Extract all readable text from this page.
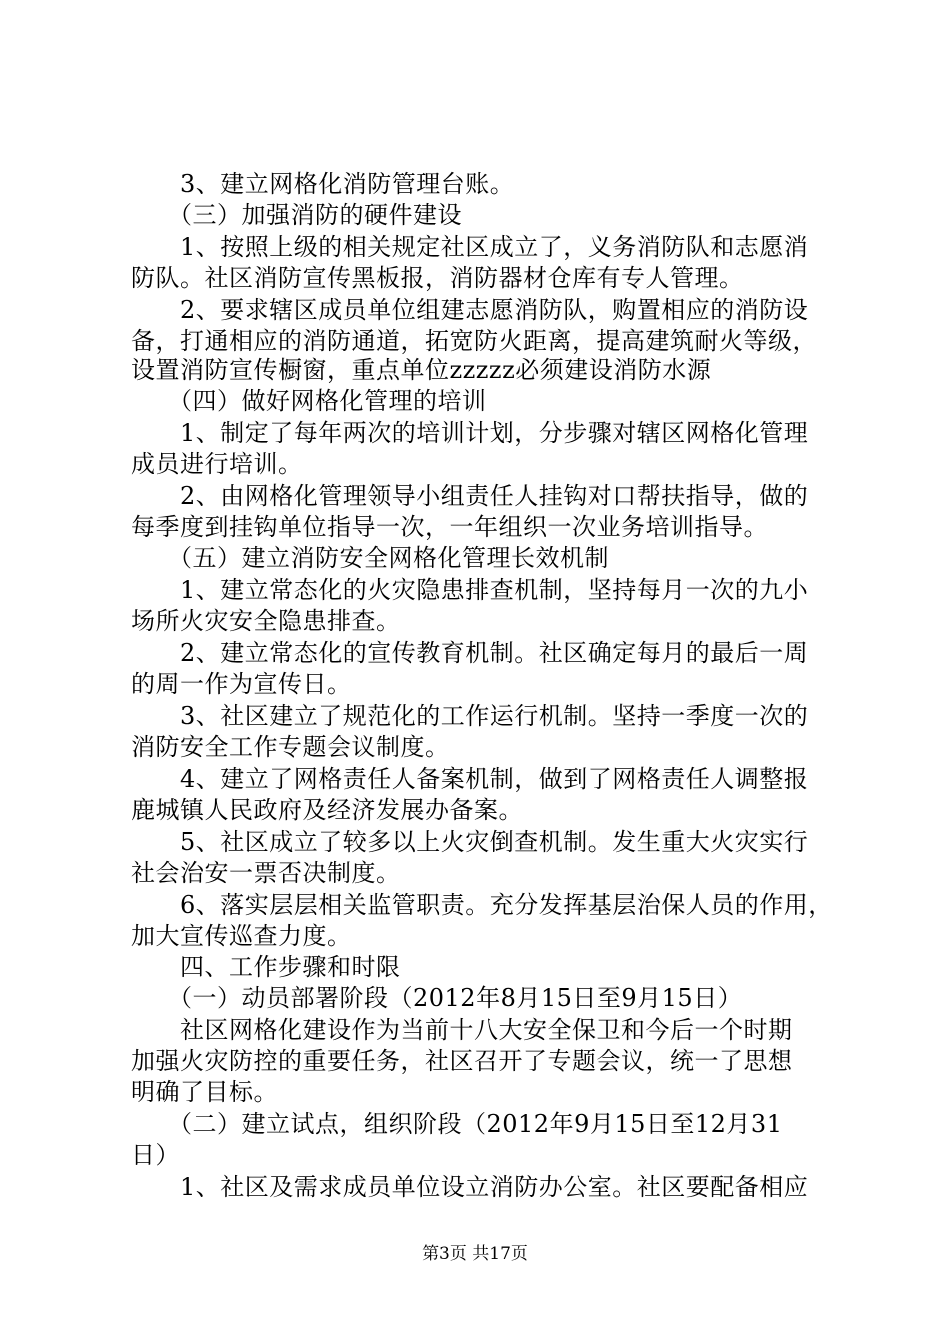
　　3、建立网格化消防管理台账。
　　（三）加强消防的硬件建设
　　1、按照上级的相关规定社区成立了，义务消防队和志愿消
防队。社区消防宣传黑板报，消防器材仓库有专人管理。
　　2、要求辖区成员单位组建志愿消防队，购置相应的消防设
备，打通相应的消防通道，拓宽防火距离，提高建筑耐火等级，
设置消防宣传橱窗，重点单位zzzzz必须建设消防水源
　　（四）做好网格化管理的培训
　　1、制定了每年两次的培训计划，分步骤对辖区网格化管理
成员进行培训。
　　2、由网格化管理领导小组责任人挂钩对口帮扶指导，做的
每季度到挂钩单位指导一次，一年组织一次业务培训指导。
　　（五）建立消防安全网格化管理长效机制
　　1、建立常态化的火灾隐患排查机制，坚持每月一次的九小
场所火灾安全隐患排查。
　　2、建立常态化的宣传教育机制。社区确定每月的最后一周
的周一作为宣传日。
　　3、社区建立了规范化的工作运行机制。坚持一季度一次的
消防安全工作专题会议制度。
　　4、建立了网格责任人备案机制，做到了网格责任人调整报
鹿城镇人民政府及经济发展办备案。
　　5、社区成立了较多以上火灾倒查机制。发生重大火灾实行
社会治安一票否决制度。
　　6、落实层层相关监管职责。充分发挥基层治保人员的作用，
加大宣传巡查力度。
　　四、工作步骤和时限
　　（一）动员部署阶段（2012年8月15日至9月15日）
　　社区网格化建设作为当前十八大安全保卫和今后一个时期
加强火灾防控的重要任务，社区召开了专题会议，统一了思想
明确了目标。
　　（二）建立试点，组织阶段（2012年9月15日至12月31
日）
　　1、社区及需求成员单位设立消防办公室。社区要配备相应
第3页 共17页
